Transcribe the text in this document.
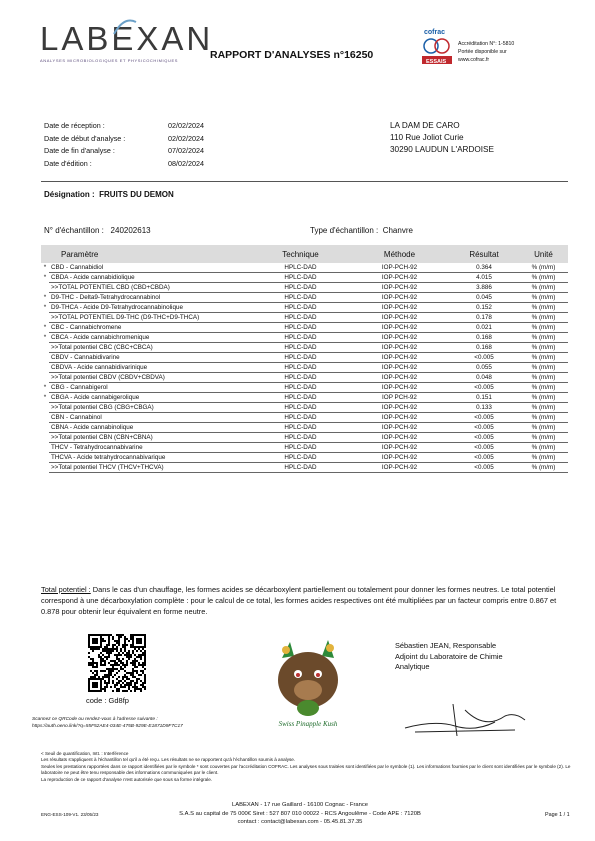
LABEXAN
ANALYSES MICROBIOLOGIQUES ET PHYSICOCHIMIQUES	RAPPORT D'ANALYSES n°16250
cofrac
ESSAIS
Accréditation N°: 1-5810
Portée disponible sur
www.cofrac.fr
Date de réception :	02/02/2024
Date de début d'analyse :	02/02/2024
Date de fin d'analyse :	07/02/2024
Date d'édition :	08/02/2024
LA DAM DE CARO
110 Rue Joliot Curie
30290 LAUDUN L'ARDOISE
Désignation : FRUITS DU DEMON
N° d'échantillon : 240202613	Type d'échantillon : Chanvre
Paramètre		Technique	Méthode	Résultat	Unité
*	CBD - Cannabidiol	HPLC-DAD	IOP-PCH-92	0.364	% (m/m)
*	CBDA - Acide cannabidiolique	HPLC-DAD	IOP-PCH-92	4.015	% (m/m)
	>>TOTAL POTENTIEL CBD (CBD+CBDA)	HPLC-DAD	IOP-PCH-92	3.886	% (m/m)
*	D9-THC - Delta9-Tetrahydrocannabinol	HPLC-DAD	IOP-PCH-92	0.045	% (m/m)
*	D9-THCA - Acide D9-Tetrahydrocannabinolique	HPLC-DAD	IOP-PCH-92	0.152	% (m/m)
	>>TOTAL POTENTIEL D9-THC (D9-THC+D9-THCA)	HPLC-DAD	IOP-PCH-92	0.178	% (m/m)
*	CBC - Cannabichromene	HPLC-DAD	IOP-PCH-92	0.021	% (m/m)
*	CBCA - Acide cannabichromenique	HPLC-DAD	IOP-PCH-92	0.168	% (m/m)
	>>Total potentiel CBC (CBC+CBCA)	HPLC-DAD	IOP-PCH-92	0.168	% (m/m)
	CBDV - Cannabidivarine	HPLC-DAD	IOP-PCH-92	<0.005	% (m/m)
	CBDVA - Acide cannabidivarinique	HPLC-DAD	IOP-PCH-92	0.055	% (m/m)
	>>Total potentiel CBDV (CBDV+CBDVA)	HPLC-DAD	IOP-PCH-92	0.048	% (m/m)
*	CBG - Cannabigerol	HPLC-DAD	IOP-PCH-92	<0.005	% (m/m)
*	CBGA - Acide cannabigerolique	HPLC-DAD	IOP PCH-92	0.151	% (m/m)
	>>Total potentiel CBG (CBG+CBGA)	HPLC-DAD	IOP-PCH-92	0.133	% (m/m)
	CBN - Cannabinol	HPLC-DAD	IOP-PCH-92	<0.005	% (m/m)
	CBNA - Acide cannabinolique	HPLC-DAD	IOP-PCH-92	<0.005	% (m/m)
	>>Total potentiel CBN (CBN+CBNA)	HPLC-DAD	IOP-PCH-92	<0.005	% (m/m)
	THCV - Tetrahydrocannabivarine	HPLC-DAD	IOP-PCH-92	<0.005	% (m/m)
	THCVA - Acide tetrahydrocannabivarique	HPLC-DAD	IOP-PCH-92	<0.005	% (m/m)
	>>Total potentiel THCV (THCV+THCVA)	HPLC-DAD	IOP-PCH-92	<0.005	% (m/m)
Total potentiel : Dans le cas d'un chauffage, les formes acides se décarboxylent partiellement ou totalement pour donner les formes neutres. Le total potentiel correspond à une décarboxylation complète : pour le calcul de ce total, les formes acides respectives ont été multipliées par un facteur compris entre 0.867 et 0.878 pour obtenir leur équivalent en forme neutre.
code : Gd8fp
Scannez ce QRCode ou rendez-vous à l'adresse suivante :
https://auth.oeno.link/?q=55F52AE4-034E-475B-929E-E1871D9F7C17	Swiss Pinapple Kush
Sébastien JEAN, Responsable
Adjoint du Laboratoire de Chimie
Analytique
< Seuil de quantification, Intt. : Interférence
Les résultats s'appliquent à l'échantillon tel qu'il a été reçu. Les résultats ne se rapportent qu'à l'échantillon soumis à analyse.
Seules les prestations rapportées dans ce rapport identifiées par le symbole * sont couvertes par l'accréditation COFRAC. Les analyses sous traitées sont identifiées par le symbole (1). Les informations fournies par le client sont identifiées par le symbole (2). Le laboratoire ne peut être tenu responsable des informations communiquées par le client.
La reproduction de ce rapport d'analyse n'est autorisée que sous sa forme intégrale.
LABEXAN - 17 rue Gaillard - 16100 Cognac - France
S.A.S au capital de 75 000€ Siret : 527 807 010 00022 - RCS Angoulême - Code APE : 7120B
contact : contact@labexan.com - 05.45.81.37.35
ENG-ESS-109-V1. 23/05/23	Page 1 / 1
